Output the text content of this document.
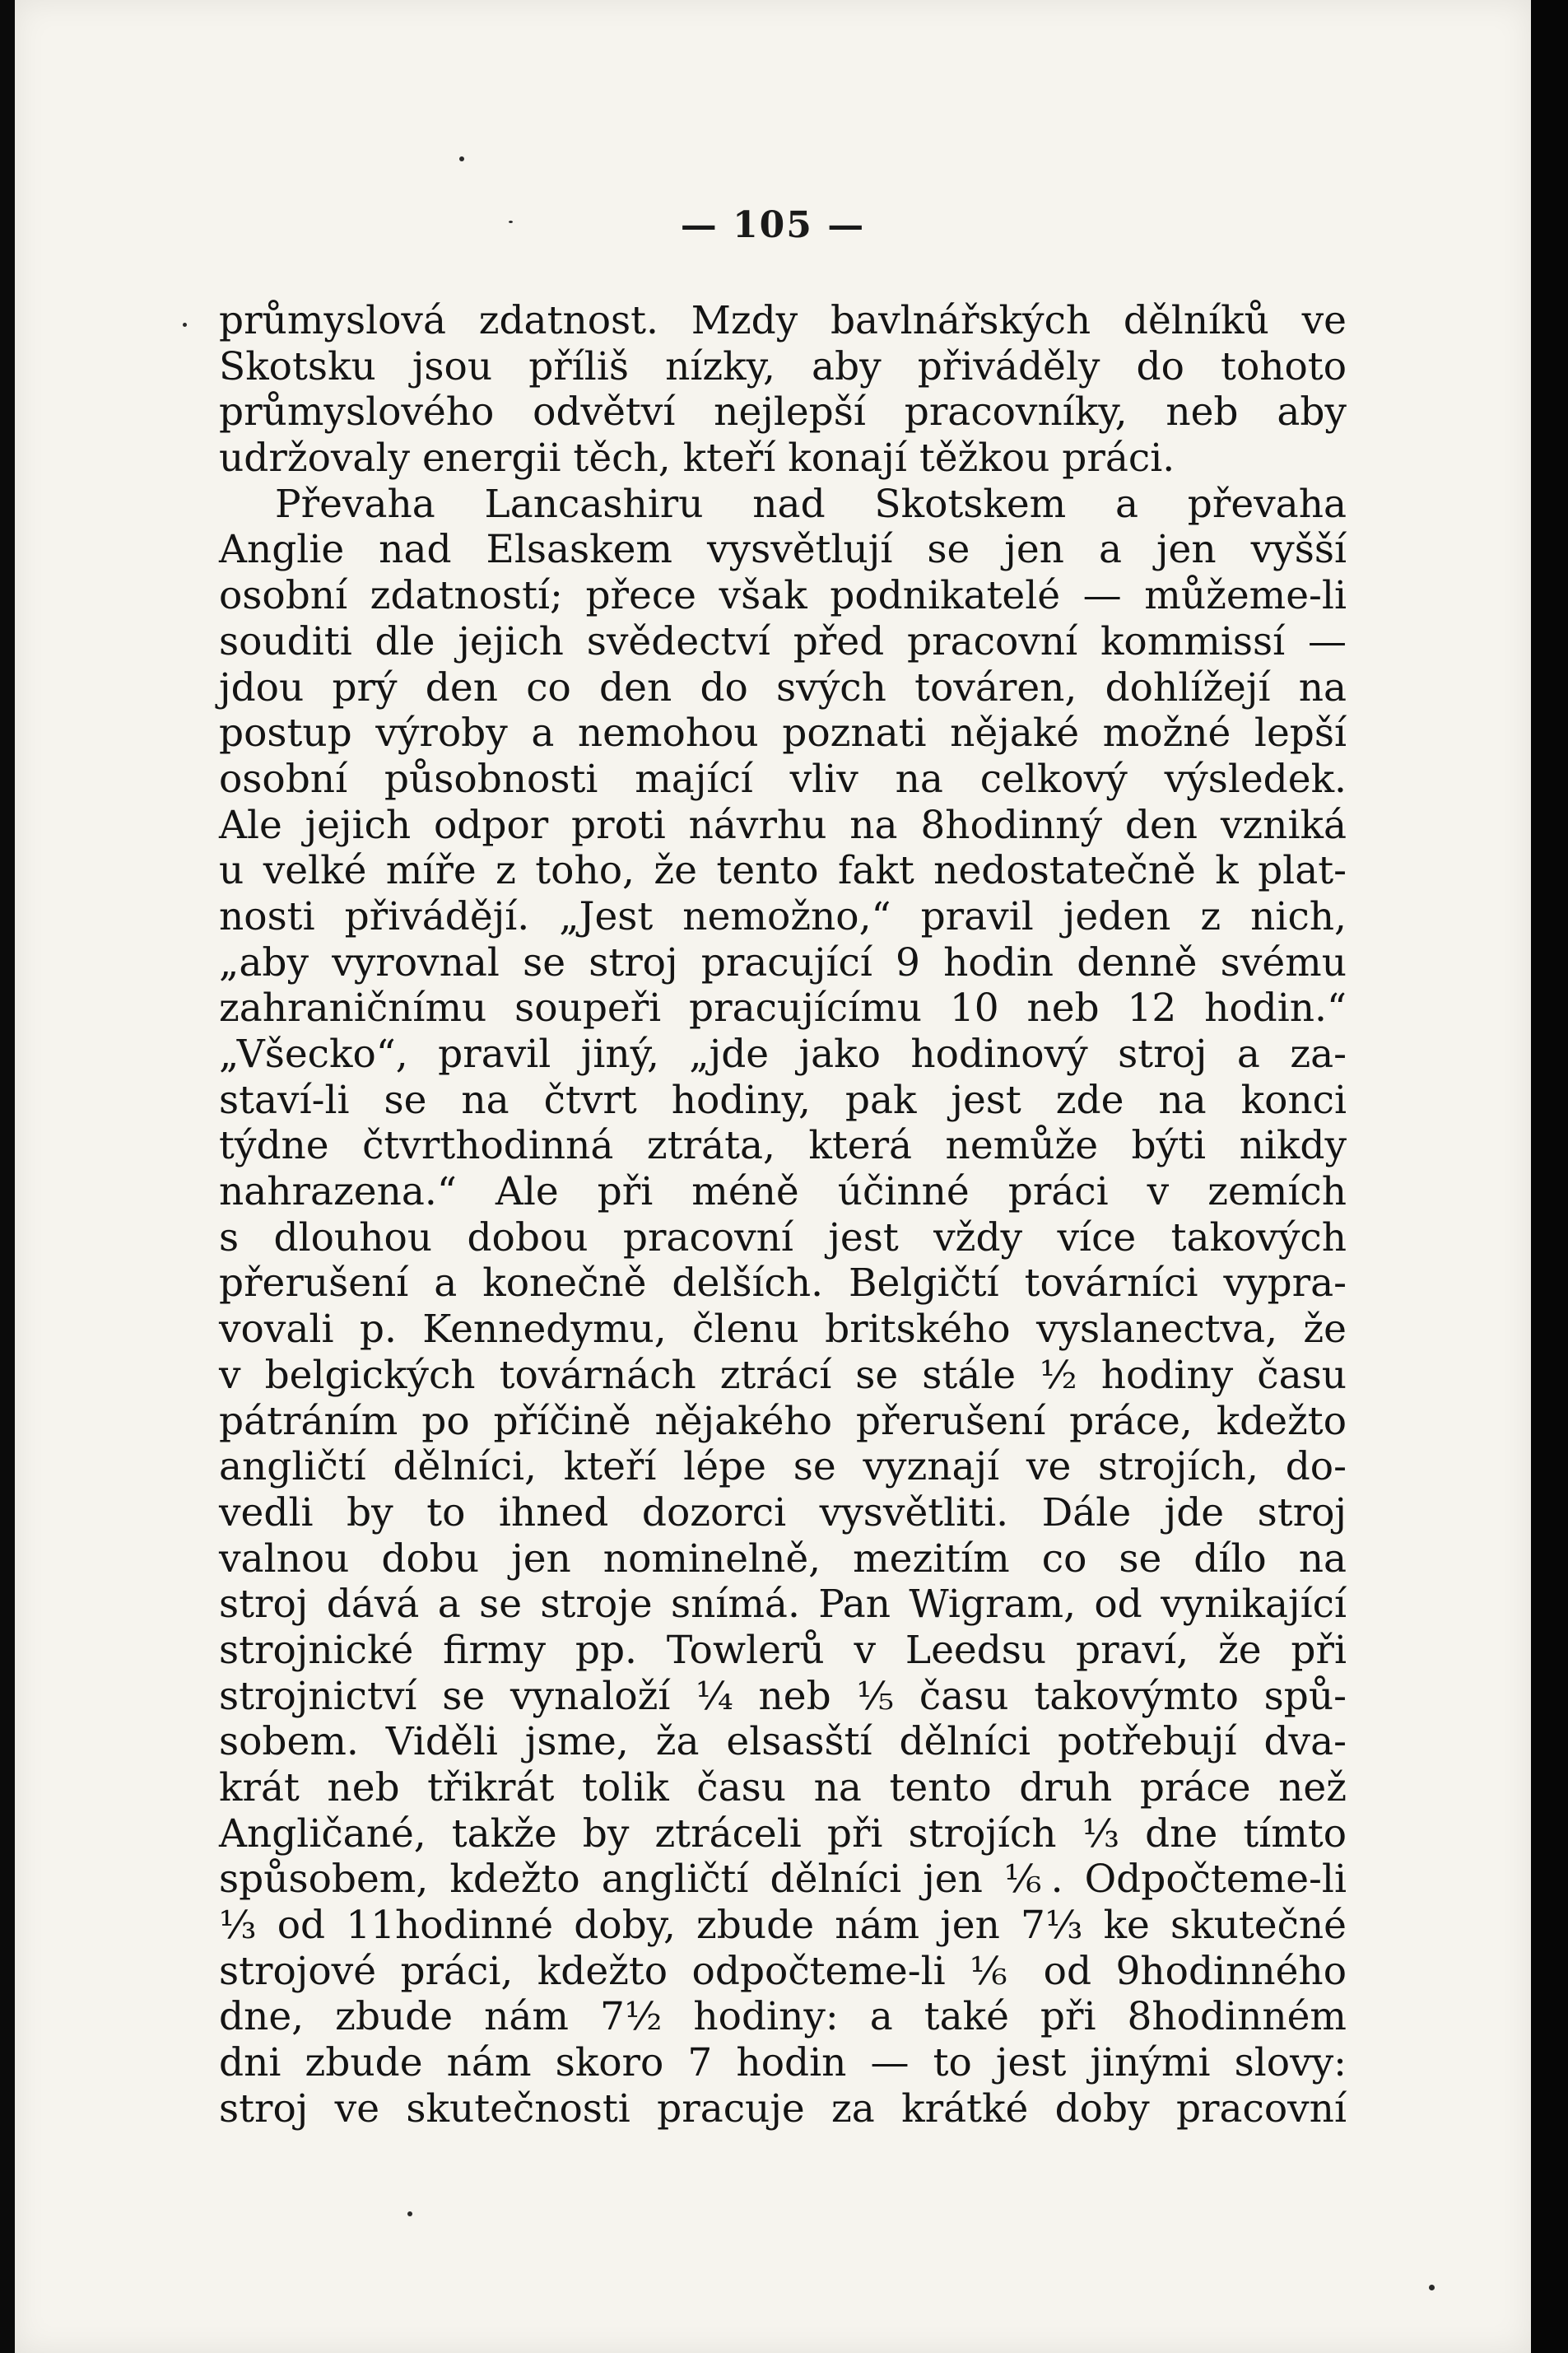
— 105 —
průmyslová zdatnost. Mzdy bavlnářských dělníků ve
Skotsku jsou příliš nízky, aby přiváděly do tohoto
průmyslového odvětví nejlepší pracovníky, neb aby
udržovaly energii těch, kteří konají těžkou práci.
Převaha Lancashiru nad Skotskem a převaha
Anglie nad Elsaskem vysvětlují se jen a jen vyšší
osobní zdatností; přece však podnikatelé — můžeme-li
souditi dle jejich svědectví před pracovní kommissí —
jdou prý den co den do svých továren, dohlížejí na
postup výroby a nemohou poznati nějaké možné lepší
osobní působnosti mající vliv na celkový výsledek.
Ale jejich odpor proti návrhu na 8hodinný den vzniká
u velké míře z toho, že tento fakt nedostatečně k plat-
nosti přivádějí. „Jest nemožno,“ pravil jeden z nich,
„aby vyrovnal se stroj pracující 9 hodin denně svému
zahraničnímu soupeři pracujícímu 10 neb 12 hodin.“
„Všecko“, pravil jiný, „jde jako hodinový stroj a za-
staví-li se na čtvrt hodiny, pak jest zde na konci
týdne čtvrthodinná ztráta, která nemůže býti nikdy
nahrazena.“ Ale při méně účinné práci v zemích
s dlouhou dobou pracovní jest vždy více takových
přerušení a konečně delších. Belgičtí továrníci vypra-
vovali p. Kennedymu, členu britského vyslanectva, že
v belgických továrnách ztrácí se stále ½ hodiny času
pátráním po příčině nějakého přerušení práce, kdežto
angličtí dělníci, kteří lépe se vyznají ve strojích, do-
vedli by to ihned dozorci vysvětliti. Dále jde stroj
valnou dobu jen nominelně, mezitím co se dílo na
stroj dává a se stroje snímá. Pan Wigram, od vynikající
strojnické firmy pp. Towlerů v Leedsu praví, že při
strojnictví se vynaloží ¼ neb ⅕ času takovýmto spů-
sobem. Viděli jsme, ža elsasští dělníci potřebují dva-
krát neb třikrát tolik času na tento druh práce než
Angličané, takže by ztráceli při strojích ⅓ dne tímto
spůsobem, kdežto angličtí dělníci jen ⅙. Odpočteme-li
⅓ od 11hodinné doby, zbude nám jen 7⅓ ke skutečné
strojové práci, kdežto odpočteme-li ⅙ od 9hodinného
dne, zbude nám 7½ hodiny: a také při 8hodinném
dni zbude nám skoro 7 hodin — to jest jinými slovy:
stroj ve skutečnosti pracuje za krátké doby pracovní
